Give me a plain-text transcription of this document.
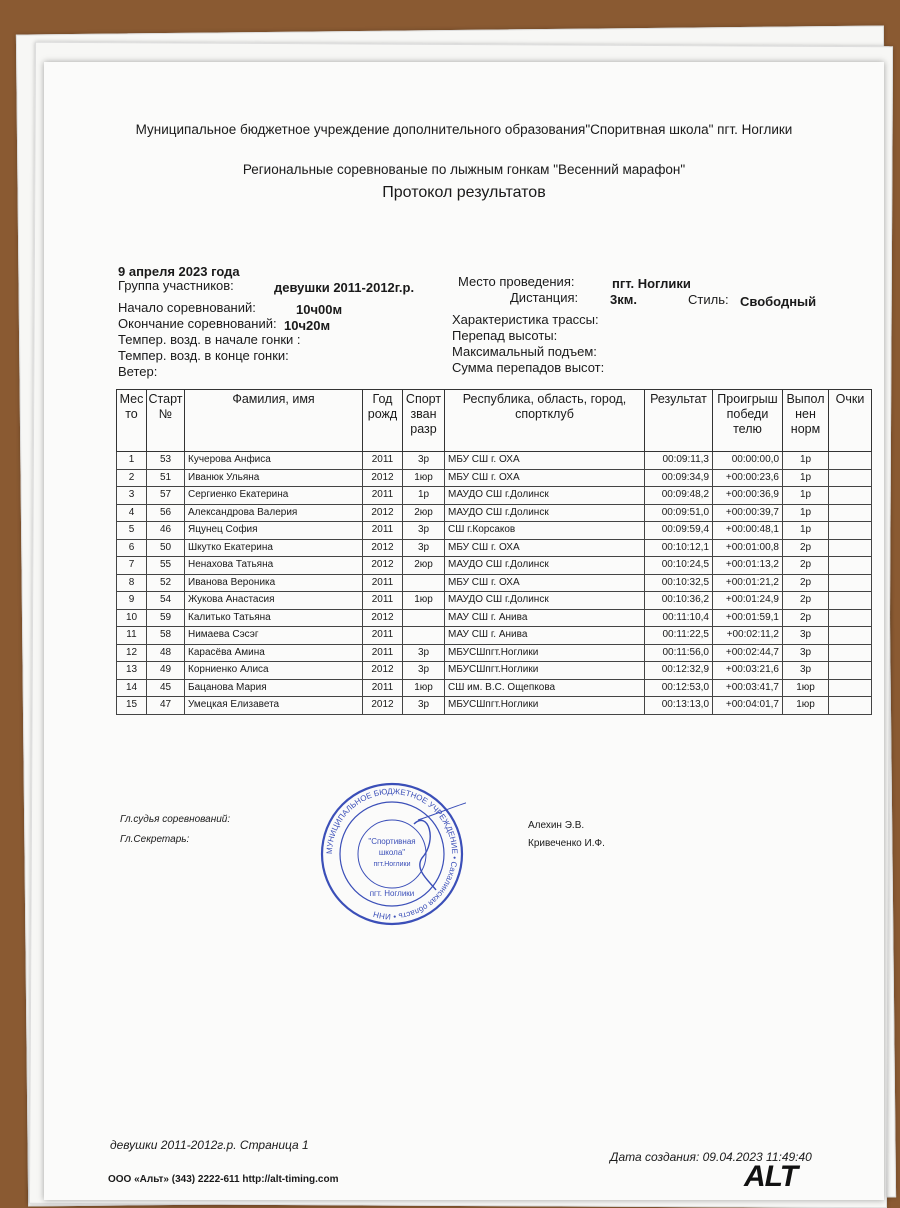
Муниципальное бюджетное учреждение дополнительного образования"Споритвная школа" пгт. Ноглики
Региональные соревнованые по лыжным гонкам "Весенний марафон"
Протокол результатов
9 апреля 2023 года
Группа участников:	девушки 2011-2012г.р.	Место проведения:	пгт. Ноглики
Дистанция: 3км.	Стиль: Свободный
Начало соревнований:	10ч00м
Окончание соревнований: 10ч20м
Темпер. возд. в начале гонки :
Темпер. возд. в конце гонки:
Ветер:
Характеристика трассы:
Перепад высоты:
Максимальный подъем:
Сумма перепадов высот:
Мес то	Старт №	Фамилия, имя	Год рожд	Спорт зван разр	Республика, область, город, спортклуб	Результат	Проигрыш победи телю	Выпол нен норм	Очки
1	53	Кучерова Анфиса	2011	3р	МБУ СШ г. ОХА	00:09:11,3	00:00:00,0	1р	
2	51	Иванюк Ульяна	2012	1юр	МБУ СШ г. ОХА	00:09:34,9	+00:00:23,6	1р	
3	57	Сергиенко Екатерина	2011	1р	МАУДО СШ г.Долинск	00:09:48,2	+00:00:36,9	1р	
4	56	Александрова Валерия	2012	2юр	МАУДО СШ г.Долинск	00:09:51,0	+00:00:39,7	1р	
5	46	Яцунец София	2011	3р	СШ г.Корсаков	00:09:59,4	+00:00:48,1	1р	
6	50	Шкутко Екатерина	2012	3р	МБУ СШ г. ОХА	00:10:12,1	+00:01:00,8	2р	
7	55	Ненахова Татьяна	2012	2юр	МАУДО СШ г.Долинск	00:10:24,5	+00:01:13,2	2р	
8	52	Иванова Вероника	2011		МБУ СШ г. ОХА	00:10:32,5	+00:01:21,2	2р	
9	54	Жукова Анастасия	2011	1юр	МАУДО СШ г.Долинск	00:10:36,2	+00:01:24,9	2р	
10	59	Калитько Татьяна	2012		МАУ СШ г. Анива	00:11:10,4	+00:01:59,1	2р	
11	58	Нимаева Сэсэг	2011		МАУ СШ г. Анива	00:11:22,5	+00:02:11,2	3р	
12	48	Карасёва Амина	2011	3р	МБУСШпгт.Ноглики	00:11:56,0	+00:02:44,7	3р	
13	49	Корниенко Алиса	2012	3р	МБУСШпгт.Ноглики	00:12:32,9	+00:03:21,6	3р	
14	45	Бацанова Мария	2011	1юр	СШ им. В.С. Ощепкова	00:12:53,0	+00:03:41,7	1юр	
15	47	Умецкая Елизавета	2012	3р	МБУСШпгт.Ноглики	00:13:13,0	+00:04:01,7	1юр	
Гл.судья соревнований:
Гл.Секретарь:
Алехин Э.В.
Кривеченко И.Ф.
МУНИЦИПАЛЬНОЕ БЮДЖЕТНОЕ УЧРЕЖДЕНИЕ • Сахалинская область • ИНН
"Спортивная
школа"
пгт.Ноглики
пгт. Ноглики
девушки 2011-2012г.р. Страница 1
Дата создания: 09.04.2023 11:49:40
ООО «Альт» (343) 2222-611 http://alt-timing.com	ALT
